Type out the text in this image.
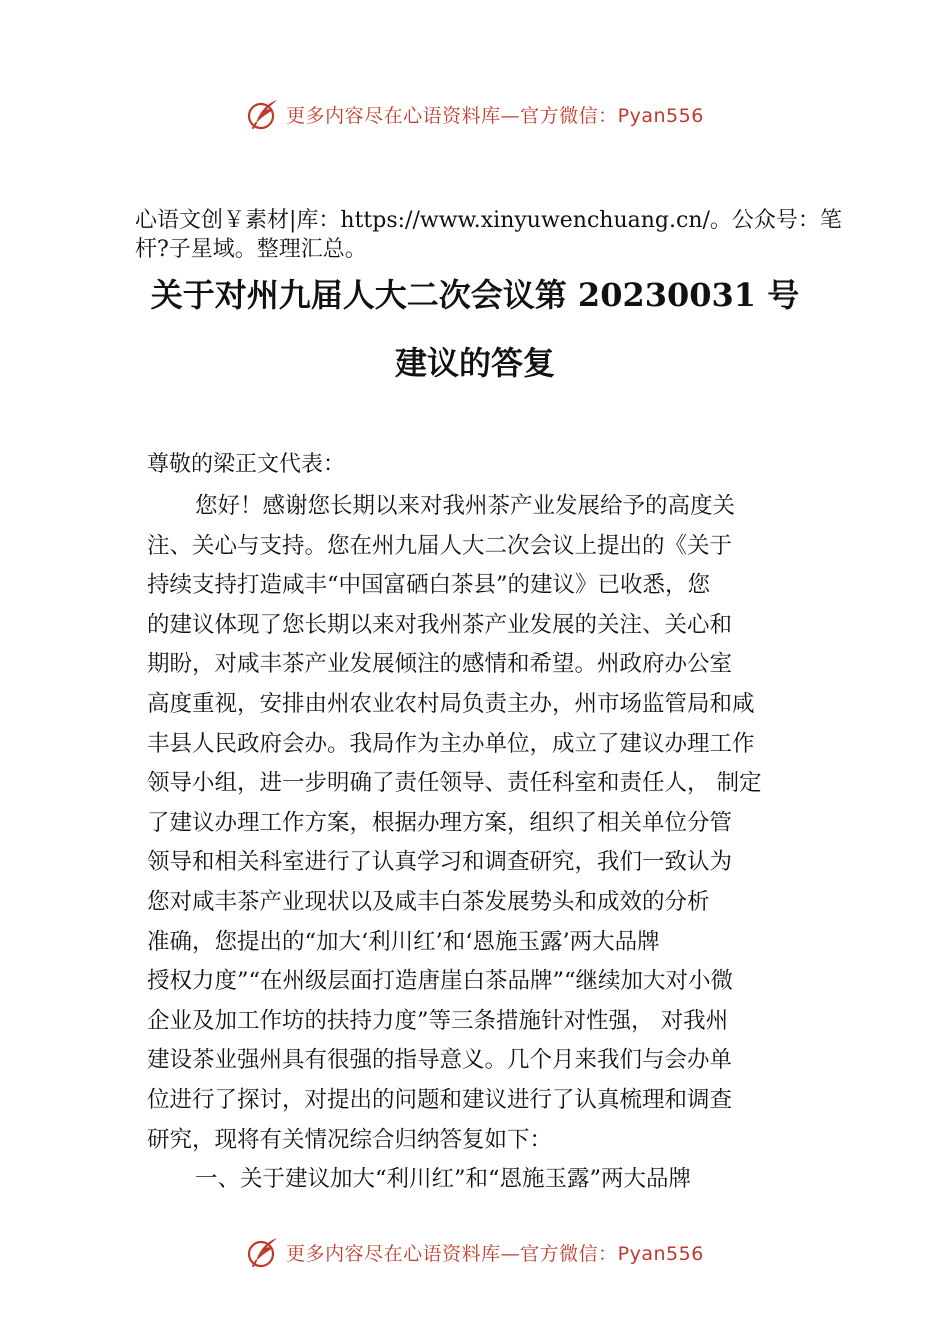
更多内容尽在心语资料库—官方微信：Pyan556
心语文创￥素材|库：https://www.xinyuwenchuang.cn/。公众号：笔杆?子星域。整理汇总。
关于对州九届人大二次会议第 20230031 号
建议的答复
尊敬的梁正文代表：
您好！感谢您长期以来对我州茶产业发展给予的高度关
注、关心与支持。您在州九届人大二次会议上提出的《关于
持续支持打造咸丰“中国富硒白茶县”的建议》已收悉，您
的建议体现了您长期以来对我州茶产业发展的关注、关心和
期盼，对咸丰茶产业发展倾注的感情和希望。州政府办公室
高度重视，安排由州农业农村局负责主办，州市场监管局和咸
丰县人民政府会办。我局作为主办单位，成立了建议办理工作
领导小组，进一步明确了责任领导、责任科室和责任人， 制定
了建议办理工作方案，根据办理方案，组织了相关单位分管
领导和相关科室进行了认真学习和调查研究，我们一致认为
您对咸丰茶产业现状以及咸丰白茶发展势头和成效的分析
准确，您提出的“加大‘利川红’和‘恩施玉露’两大品牌
授权力度”“在州级层面打造唐崖白茶品牌”“继续加大对小微
企业及加工作坊的扶持力度”等三条措施针对性强， 对我州
建设茶业强州具有很强的指导意义。几个月来我们与会办单
位进行了探讨，对提出的问题和建议进行了认真梳理和调查
研究，现将有关情况综合归纳答复如下：
一、关于建议加大“利川红”和“恩施玉露”两大品牌
更多内容尽在心语资料库—官方微信：Pyan556
